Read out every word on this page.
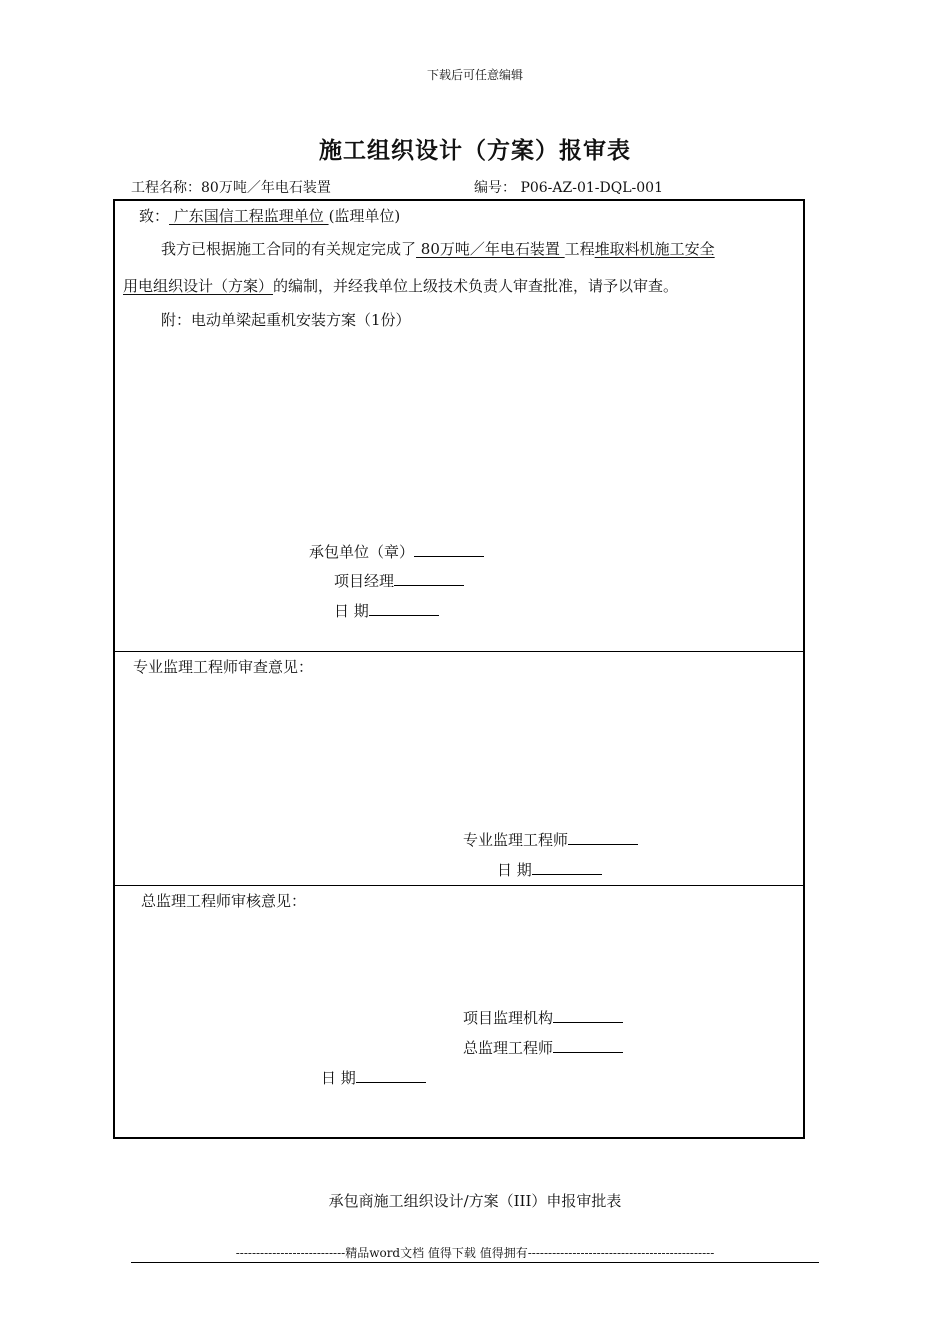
下载后可任意编辑
施工组织设计（方案）报审表
工程名称：80万吨／年电石装置	编号： P06-AZ-01-DQL-001
致： 广东国信工程监理单位 (监理单位)
我方已根据施工合同的有关规定完成了 80万吨／年电石装置 工程堆取料机施工安全
用电组织设计（方案）的编制，并经我单位上级技术负责人审查批准，请予以审查。
附：电动单梁起重机安装方案（1份）
承包单位（章）
项目经理
日 期
专业监理工程师审查意见：
专业监理工程师
日 期
总监理工程师审核意见：
项目监理机构
总监理工程师
日 期
承包商施工组织设计/方案（III）申报审批表
---------------------------精品word文档 值得下载 值得拥有----------------------------------------------
